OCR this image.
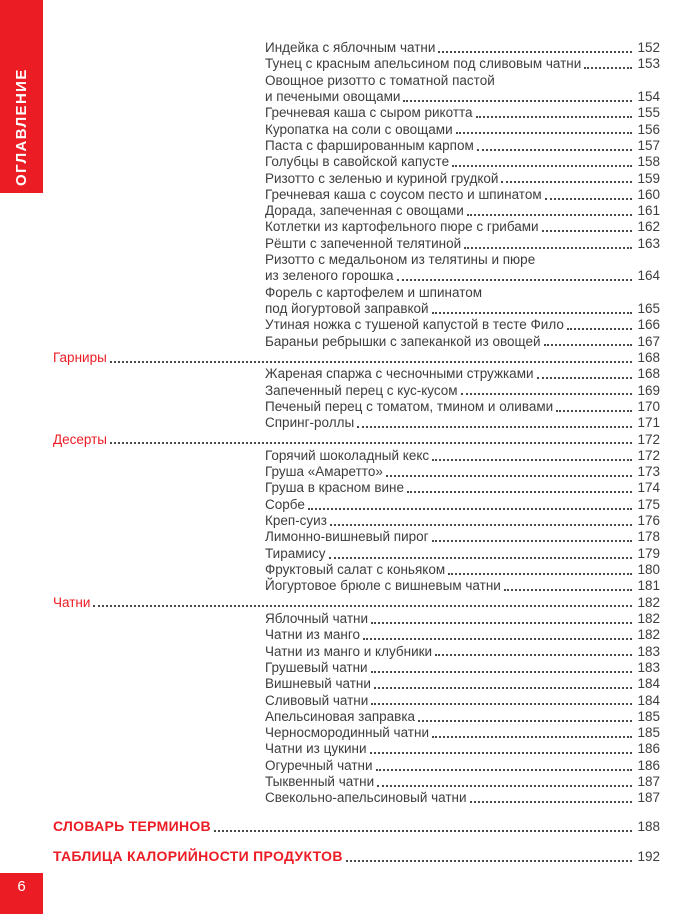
ОГЛАВЛЕНИЕ
Индейка с яблочным чатни	152
Тунец с красным апельсином под сливовым чатни	153
Овощное ризотто с томатной пастой
и печеными овощами	154
Гречневая каша с сыром рикотта	155
Куропатка на соли с овощами	156
Паста с фаршированным карпом	157
Голубцы в савойской капусте	158
Ризотто с зеленью и куриной грудкой	159
Гречневая каша с соусом песто и шпинатом	160
Дорада, запеченная с овощами	161
Котлетки из картофельного пюре с грибами	162
Рёшти с запеченной телятиной	163
Ризотто с медальоном из телятины и пюре
из зеленого горошка	164
Форель с картофелем и шпинатом
под йогуртовой заправкой	165
Утиная ножка с тушеной капустой в тесте Фило	166
Бараньи ребрышки с запеканкой из овощей	167
Гарниры	168
Жареная спаржа с чесночными стружками	168
Запеченный перец с кус-кусом	169
Печеный перец с томатом, тмином и оливами	170
Спринг-роллы	171
Десерты	172
Горячий шоколадный кекс	172
Груша «Амаретто»	173
Груша в красном вине	174
Сорбе	175
Креп-суиз	176
Лимонно-вишневый пирог	178
Тирамису	179
Фруктовый салат с коньяком	180
Йогуртовое брюле с вишневым чатни	181
Чатни	182
Яблочный чатни	182
Чатни из манго	182
Чатни из манго и клубники	183
Грушевый чатни	183
Вишневый чатни	184
Сливовый чатни	184
Апельсиновая заправка	185
Черносмородинный чатни	185
Чатни из цукини	186
Огуречный чатни	186
Тыквенный чатни	187
Свекольно-апельсиновый чатни	187
СЛОВАРЬ ТЕРМИНОВ	188
ТАБЛИЦА КАЛОРИЙНОСТИ ПРОДУКТОВ	192
6
